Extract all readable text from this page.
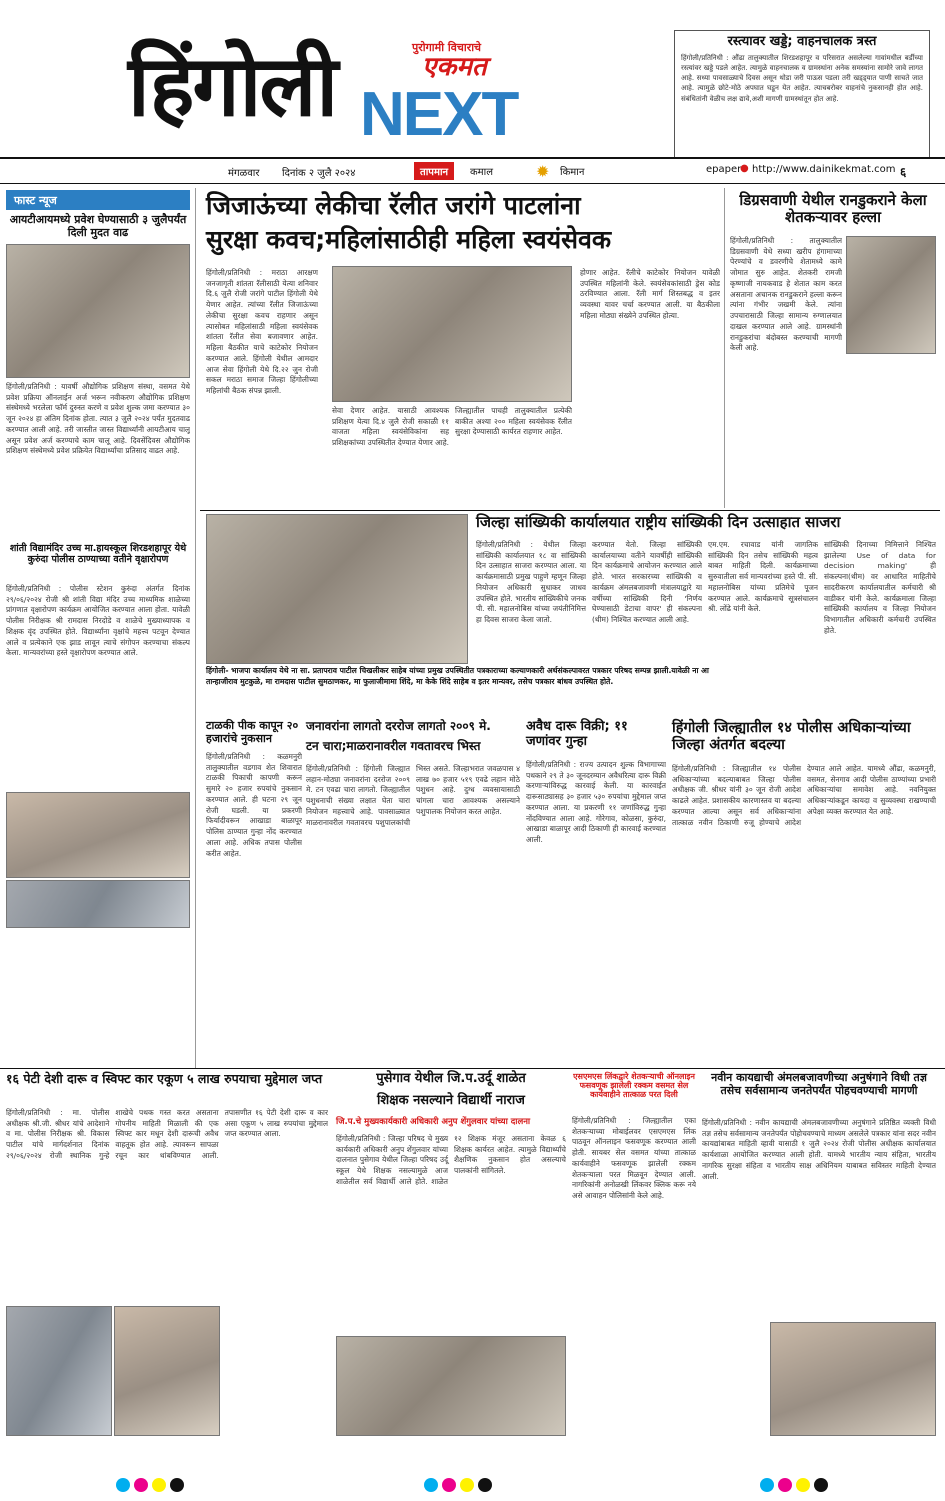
हिंगोली	पुरोगामी विचाराचे
एकमत
NEXT
रस्त्यावर खड्डे; वाहनचालक त्रस्त
हिंगोली/प्रतिनिधी : औंढा तालुक्यातील शिरडशहापूर व परिसरात असलेल्या गावांमधील बर्डीच्या रस्त्यांवर खड्डे पडले आहेत. त्यामुळे वाहनचालक व ग्रामस्थांना अनेक समस्यांना सामोरे जावे लागत आहे. सध्या पावसाळ्याचे दिवस असून थोडा जरी पाऊस पडला तरी खड्ड्यात पाणी साचते जात आहे. त्यामुळे छोटे-मोठे अपघात घडून येत आहेत. त्याचबरोबर वाहनांचे नुकसानही होत आहे. संबंधितांनी वेळीच लक्ष द्यावे,अशी मागणी ग्रामस्थांतून होत आहे.
मंगळवार दिनांक २ जुलै २०२४	तापमान	कमाल	✹ किमान	epaper
● http://www.dainikekmat.com ६
फास्ट न्यूज
आयटीआयमध्ये प्रवेश घेण्यासाठी ३ जुलैपर्यंत दिली मुदत वाढ
हिंगोली/प्रतिनिधी : यावर्षी औद्योगिक प्रशिक्षण संस्था, वसमत येथे प्रवेश प्रक्रिया ऑनलाईन अर्ज भरून नवीकरण औद्योगिक प्रशिक्षण संस्थेमध्ये भरलेला फॉर्म दुरुस्त करणे व प्रवेश शुल्क जमा करण्यात ३० जून २०२४ हा अंतिम दिनांक होता. त्यात ३ जुलै २०२४ पर्यंत मुदतवाढ करण्यात आली आहे. तरी जास्तीत जास्त विद्यार्थ्यांनी आयटीआय चालू असून प्रवेश अर्ज करण्याचे काम चालू आहे. दिवसेंदिवस औद्योगिक प्रशिक्षण संस्थेमध्ये प्रवेश प्रक्रियेत विद्यार्थ्यांचा प्रतिसाद वाढत आहे.
शांती विद्यामंदिर उच्च मा.हायस्कूल शिरडशहापूर येथे कुरुंदा पोलीस ठाण्याच्या वतीने वृक्षारोपण
हिंगोली/प्रतिनिधी : पोलीस स्टेशन कुरुंदा अंतर्गत दिनांक २९/०६/२०२४ रोजी श्री शांती विद्या मंदिर उच्च माध्यमिक शाळेच्या प्रांगणात वृक्षारोपण कार्यक्रम आयोजित करण्यात आला होता. यावेळी पोलीस निरीक्षक श्री रामदास निरदोडे व शाळेचे मुख्याध्यापक व शिक्षक वृंद उपस्थित होते. विद्यार्थ्यांना वृक्षांचे महत्त्व पटवून देण्यात आले व प्रत्येकाने एक झाड लावून त्याचे संगोपन करण्याचा संकल्प केला. मान्यवरांच्या हस्ते वृक्षारोपण करण्यात आले.
जिजाऊंच्या लेकीचा रॅलीत जरांगे पाटलांना
सुरक्षा कवच;महिलांसाठीही महिला स्वयंसेवक
हिंगोली/प्रतिनिधी : मराठा आरक्षण जनजागृती शांतता रॅलीसाठी येत्या शनिवार दि.६ जुलै रोजी जरांगे पाटील हिंगोली येथे येणार आहेत. त्यांच्या रॅलीत जिजाऊंच्या लेकीचा सुरक्षा कवच राहणार असून त्यासोबत महिलांसाठी महिला स्वयंसेवक शांतता रॅलीत सेवा बजावणार आहेत. महिला बैठकीत याचे काटेकोर नियोजन करण्यात आले. हिंगोली येथील आमदार आज सेवा हिंगोली येथे दि.२२ जुन रोजी सकल मराठा समाज जिल्हा हिंगोलीच्या महिलांची बैठक संपन्न झाली.
सेवा देणार आहेत. यासाठी आवश्यक प्रशिक्षण येत्या दि.४ जुलै रोजी सकाळी ११ वाजता महिला स्वयंसेविकांना सह प्रशिक्षकांच्या उपस्थितीत देण्यात येणार आहे. जिल्ह्यातील पाचही तालुक्यातील प्रत्येकी बाकीत अश्या २०० महिला स्वयंसेवक रॅलीत सुरक्षा देण्यासाठी कार्यरत राहणार आहेत.
होणार आहेत. रॅलीचे काटेकोर नियोजन यावेळी उपस्थित महिलांनी केले. स्वयंसेवकांसाठी ड्रेस कोड ठरविण्यात आला. रॅली मार्ग शिस्तबद्ध व इतर व्यवस्था यावर चर्चा करण्यात आली. या बैठकीला महिला मोठ्या संख्येने उपस्थित होत्या.
डिग्रसवाणी येथील रानडुकराने केला शेतकऱ्यावर हल्ला
हिंगोली/प्रतिनिधी : तालुक्यातील डिग्रसवाणी येथे सध्या खरीप हंगामाच्या पेरण्यांचे व डवरणीचे शेतामध्ये कामे जोमात सुरु आहेत. शेतकरी रामजी कृष्णाजी नायकवाड हे शेतात काम करत असताना अचानक रानडुकराने हल्ला करून त्यांना गंभीर जखमी केले. त्यांना उपचारासाठी जिल्हा सामान्य रुग्णालयात दाखल करण्यात आले आहे. ग्रामस्थांनी रानडुकरांचा बंदोबस्त करण्याची मागणी केली आहे.
जिल्हा सांख्यिकी कार्यालयात राष्ट्रीय सांख्यिकी दिन उत्साहात साजरा
हिंगोली- भाजपा कार्यालय येथे ना सा. प्रतापराव पाटील चिखलीकर साहेब यांच्या प्रमुख उपस्थितीत पत्रकाराच्या कल्याणकारी अर्थसंकल्पावरत पत्रकार परिषद सम्पन्न झाली.यावेळी ना आ तान्हाजीराव मुटकुळे, मा रामदास पाटील सुमठाणकर, मा फुलाजीमामा शिंदे, मा केके शिंदे साहेब व इतर मान्यवर, तसेच पत्रकार बांधव उपस्थित होते.
हिंगोली/प्रतिनिधी : येथील जिल्हा सांख्यिकी कार्यालयात १८ वा सांख्यिकी दिन उत्साहात साजरा करण्यात आला. या कार्यक्रमासाठी प्रमुख पाहुणे म्हणून जिल्हा नियोजन अधिकारी सुधाकर जाधव उपस्थित होते. भारतीय सांख्यिकीचे जनक पी. सी. महालनोबिस यांच्या जयंतीनिमित्त हा दिवस साजरा केला जातो.
करण्यात येतो. जिल्हा सांख्यिकी कार्यालयाच्या वतीने यावर्षीही सांख्यिकी दिन कार्यक्रमाचे आयोजन करण्यात आले होते. भारत सरकारच्या सांख्यिकी व कार्यक्रम अंमलबजावणी मंत्रालयाद्वारे या वर्षीच्या सांख्यिकी दिनी 'निर्णय घेण्यासाठी डेटाचा वापर' ही संकल्पना (थीम) निश्चित करण्यात आली आहे.
एम.एम. रचावाड यांनी जागतिक सांख्यिकी दिन तसेच सांख्यिकी महत्व बाबत माहिती दिली. कार्यक्रमाच्या सुरुवातीला सर्व मान्यवरांच्या हस्ते पी. सी. महालनोबिस यांच्या प्रतिमेचे पूजन करण्यात आले. कार्यक्रमाचे सूत्रसंचालन श्री. लोंढे यांनी केले.
सांख्यिकी दिनाच्या निमित्ताने निश्चित झालेल्या Use of data for decision making' ही संकल्पना(थीम) वर आधारित माहितीचे सादरीकरण कार्यालयातील कर्मचारी श्री वाडीकर यांनी केले. कार्यक्रमाला जिल्हा सांख्यिकी कार्यालय व जिल्हा नियोजन विभागातील अधिकारी कर्मचारी उपस्थित होते.
टाळकी पीक कापून २० हजारांचे नुकसान
हिंगोली/प्रतिनिधी : कळमनुरी तालुक्यातील वडगाव शेत शिवारात टाळकी पिकाची कापणी करून सुमारे २० हजार रुपयांचे नुकसान करण्यात आले. ही घटना २९ जून रोजी घडली. या प्रकरणी फिर्यादीवरून आखाडा बाळापूर पोलिस ठाण्यात गुन्हा नोंद करण्यात आला आहे. अधिक तपास पोलीस करीत आहेत.
जनावरांना लागतो दररोज लागतो २००९ मे.
टन चारा;माळरानावरील गवतावरच भिस्त
हिंगोली/प्रतिनिधी : हिंगोली जिल्ह्यात लहान-मोठ्या जनावरांना दररोज २००९ मे. टन एवढा चारा लागतो. जिल्ह्यातील पशुधनाची संख्या लक्षात घेता चारा नियोजन महत्त्वाचे आहे. पावसाळ्यात माळरानावरील गवतावरच पशुपालकांची भिस्त असते. जिल्हाभरात जवळपास ४ लाख ७० हजार ५१९ एवढे लहान मोठे पशुधन आहे. दुग्ध व्यवसायासाठी चांगला चारा आवश्यक असल्याने पशुपालक नियोजन करत आहेत.
अवैध दारू विक्री; ११ जणांवर गुन्हा
हिंगोली/प्रतिनिधी : राज्य उत्पादन शुल्क विभागाच्या पथकाने २९ ते ३० जूनदरम्यान अवैधरित्या दारू विक्री करणाऱ्यांविरुद्ध कारवाई केली. या कारवाईत दारूसाठ्यासह ३० हजार ५३० रुपयांचा मुद्देमाल जप्त करण्यात आला. या प्रकरणी ११ जणांविरुद्ध गुन्हा नोंदविण्यात आला आहे. गोरेगाव, कोळसा, कुरुंदा, आखाडा बाळापूर आदी ठिकाणी ही कारवाई करण्यात आली.
हिंगोली जिल्ह्यातील १४ पोलीस अधिकाऱ्यांच्या जिल्हा अंतर्गत बदल्या
हिंगोली/प्रतिनिधी : जिल्ह्यातील १४ पोलीस अधिकाऱ्यांच्या बदल्याबाबत जिल्हा पोलीस अधीक्षक जी. श्रीधर यांनी ३० जून रोजी आदेश काढले आहेत. प्रशासकीय कारणास्तव या बदल्या करण्यात आल्या असून सर्व अधिकाऱ्यांना तात्काळ नवीन ठिकाणी रुजू होण्याचे आदेश देण्यात आले आहेत. यामध्ये औंढा, कळमनुरी, वसमत, सेनगाव आदी पोलीस ठाण्यांच्या प्रभारी अधिकाऱ्यांचा समावेश आहे. नवनियुक्त अधिकाऱ्यांकडून कायदा व सुव्यवस्था राखण्याची अपेक्षा व्यक्त करण्यात येत आहे.
१६ पेटी देशी दारू व स्विफ्ट कार एकूण ५ लाख रुपयाचा मुद्देमाल जप्त
हिंगोली/प्रतिनिधी : मा. पोलीस अधीक्षक श्री.जी. श्रीधर यांचे आदेशाने व मा. पोलीस निरीक्षक श्री. विकास पाटील यांचे मार्गदर्शनात दिनांक २९/०६/२०२४ रोजी स्थानिक गुन्हे शाखेचे पथक गस्त करत असताना गोपनीय माहिती मिळाली की एक स्विफ्ट कार मधून देशी दारूची अवैध वाहतूक होत आहे. त्यावरून सापळा रचून कार थांबविण्यात आली. तपासणीत १६ पेटी देशी दारू व कार असा एकूण ५ लाख रुपयांचा मुद्देमाल जप्त करण्यात आला.
पुसेगाव येथील जि.प.उर्दू शाळेत
शिक्षक नसल्याने विद्यार्थी नाराज
जि.प.चे मुख्यकार्यकारी अधिकारी अनुप शेंगुलवार यांच्या दालना
हिंगोली/प्रतिनिधी : जिल्हा परिषद चे मुख्य कार्यकारी अधिकारी अनुप शेंगुलवार यांच्या दालनात पुसेगाव येथील जिल्हा परिषद उर्दू स्कूल येथे शिक्षक नसल्यामुळे आज शाळेतील सर्व विद्यार्थी आले होते. शाळेत १२ शिक्षक मंजूर असताना केवळ ६ शिक्षक कार्यरत आहेत. त्यामुळे विद्यार्थ्यांचे शैक्षणिक नुकसान होत असल्याचे पालकांनी सांगितले.
एसएमएस लिंकद्वारे शेतकऱ्याची ऑनलाइन फसवणूक झालेली रक्कम वसमत सेल कार्यवाहीने तात्काळ परत दिली
हिंगोली/प्रतिनिधी : जिल्ह्यातील एका शेतकऱ्याच्या मोबाईलवर एसएमएस लिंक पाठवून ऑनलाइन फसवणूक करण्यात आली होती. सायबर सेल वसमत यांच्या तात्काळ कार्यवाहीने फसवणूक झालेली रक्कम शेतकऱ्याला परत मिळवून देण्यात आली. नागरिकांनी अनोळखी लिंकवर क्लिक करू नये असे आवाहन पोलिसांनी केले आहे.
नवीन कायद्याची अंमलबजावणीच्या अनुषंगाने विधी तज्ञ तसेच सर्वसामान्य जनतेपर्यंत पोहचवण्याची मागणी
हिंगोली/प्रतिनिधी : नवीन कायद्याची अंमलबजावणीच्या अनुषंगाने प्रतिष्ठित व्यक्ती विधी तज्ञ तसेच सर्वसामान्य जनतेपर्यंत पोहोचवण्याचे माध्यम असलेले पत्रकार यांना सदर नवीन कायद्यांबाबत माहिती व्हावी यासाठी १ जुलै २०२४ रोजी पोलीस अधीक्षक कार्यालयात कार्यशाळा आयोजित करण्यात आली होती. यामध्ये भारतीय न्याय संहिता, भारतीय नागरिक सुरक्षा संहिता व भारतीय साक्ष अधिनियम याबाबत सविस्तर माहिती देण्यात आली.
